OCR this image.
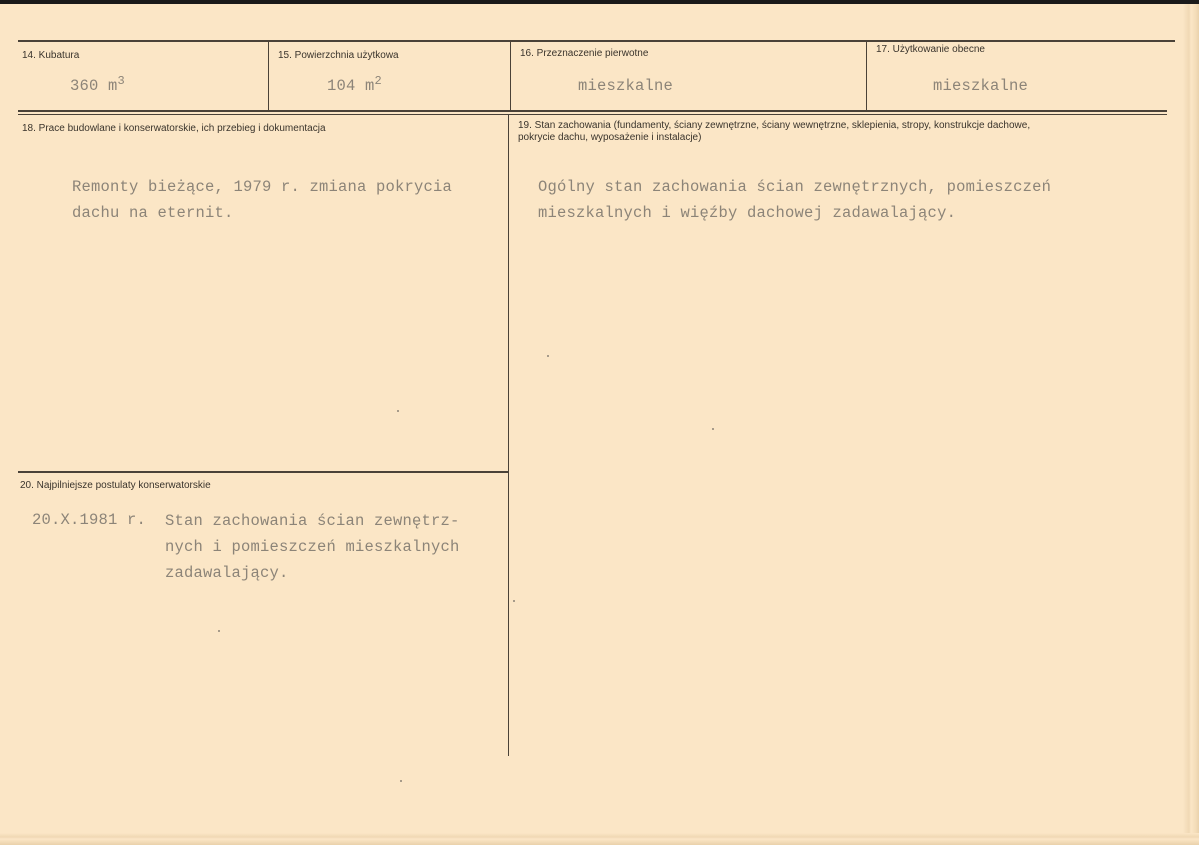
14. Kubatura
360 $m^3$
15. Powierzchnia użytkowa
104 $m^2$
16. Przeznaczenie pierwotne
mieszkalne
17. Użytkowanie obecne
mieszkalne
18. Prace budowlane i konserwatorskie, ich przebieg i dokumentacja
Remonty bieżące, 1979 r. zmiana pokrycia
dachu na eternit.
19. Stan zachowania (fundamenty, ściany zewnętrzne, ściany wewnętrzne, sklepienia, stropy, konstrukcje dachowe, pokrycie dachu, wyposażenie i instalacje)
Ogólny stan zachowania ścian zewnętrznych, pomieszczeń
mieszkalnych i więźby dachowej zadawalający.
20. Najpilniejsze postulaty konserwatorskie
20.X.1981 r. Stan zachowania ścian zewnętrz-
nych i pomieszczeń mieszkalnych
zadawalający.
